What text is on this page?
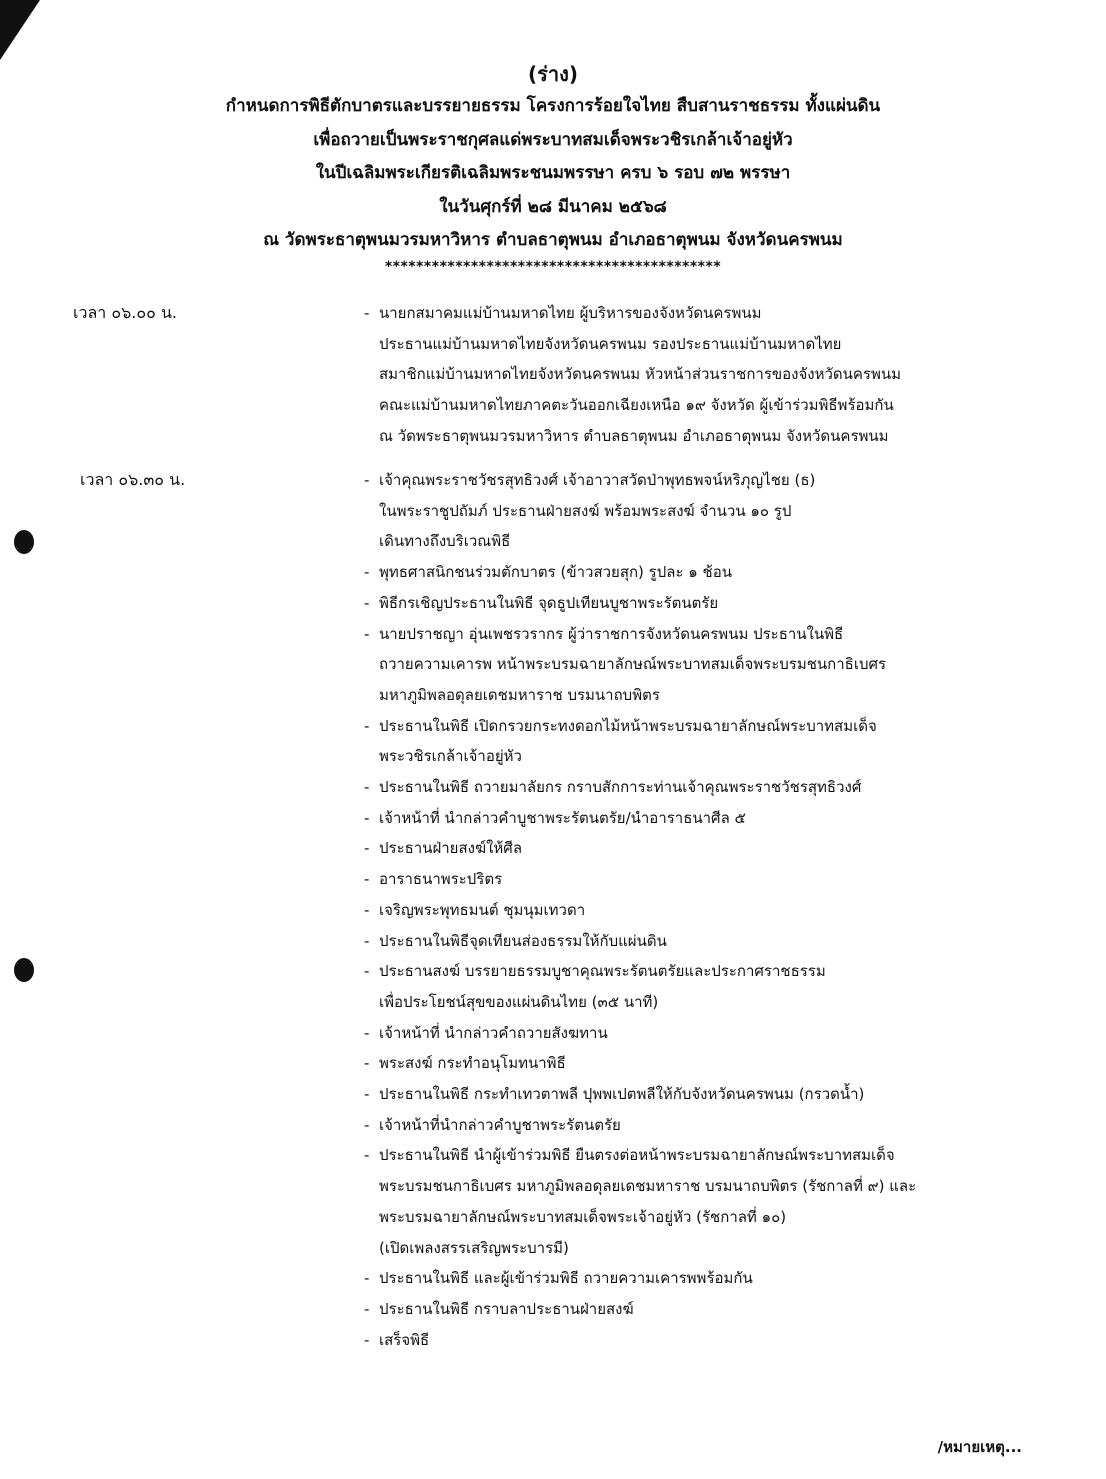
(ร่าง)
กำหนดการพิธีตักบาตรและบรรยายธรรม โครงการร้อยใจไทย สืบสานราชธรรม ทั้งแผ่นดิน
เพื่อถวายเป็นพระราชกุศลแด่พระบาทสมเด็จพระวชิรเกล้าเจ้าอยู่หัว
ในปีเฉลิมพระเกียรติเฉลิมพระชนมพรรษา ครบ ๖ รอบ ๗๒ พรรษา
ในวันศุกร์ที่ ๒๘ มีนาคม ๒๕๖๘
ณ วัดพระธาตุพนมวรมหาวิหาร ตำบลธาตุพนม อำเภอธาตุพนม จังหวัดนครพนม
*******************************************
เวลา ๐๖.๐๐ น.	- นายกสมาคมแม่บ้านมหาดไทย ผู้บริหารของจังหวัดนครพนม
ประธานแม่บ้านมหาดไทยจังหวัดนครพนม รองประธานแม่บ้านมหาดไทย
สมาชิกแม่บ้านมหาดไทยจังหวัดนครพนม หัวหน้าส่วนราชการของจังหวัดนครพนม
คณะแม่บ้านมหาดไทยภาคตะวันออกเฉียงเหนือ ๑๙ จังหวัด ผู้เข้าร่วมพิธีพร้อมกัน
ณ วัดพระธาตุพนมวรมหาวิหาร ตำบลธาตุพนม อำเภอธาตุพนม จังหวัดนครพนม
เวลา ๐๖.๓๐ น.	- เจ้าคุณพระราชวัชรสุทธิวงศ์ เจ้าอาวาสวัดป่าพุทธพจน์หริภุญไชย (ธ)
ในพระราชูปถัมภ์ ประธานฝ่ายสงฆ์ พร้อมพระสงฆ์ จำนวน ๑๐ รูป
เดินทางถึงบริเวณพิธี
- พุทธศาสนิกชนร่วมตักบาตร (ข้าวสวยสุก) รูปละ ๑ ช้อน
- พิธีกรเชิญประธานในพิธี จุดธูปเทียนบูชาพระรัตนตรัย
- นายปราชญา อุ่นเพชรวรากร ผู้ว่าราชการจังหวัดนครพนม ประธานในพิธี
ถวายความเคารพ หน้าพระบรมฉายาลักษณ์พระบาทสมเด็จพระบรมชนกาธิเบศร
มหาภูมิพลอดุลยเดชมหาราช บรมนาถบพิตร
- ประธานในพิธี เปิดกรวยกระทงดอกไม้หน้าพระบรมฉายาลักษณ์พระบาทสมเด็จ
พระวชิรเกล้าเจ้าอยู่หัว
- ประธานในพิธี ถวายมาลัยกร กราบสักการะท่านเจ้าคุณพระราชวัชรสุทธิวงศ์
- เจ้าหน้าที่ นำกล่าวคำบูชาพระรัตนตรัย/นำอาราธนาศีล ๕
- ประธานฝ่ายสงฆ์ให้ศีล
- อาราธนาพระปริตร
- เจริญพระพุทธมนต์ ชุมนุมเทวดา
- ประธานในพิธีจุดเทียนส่องธรรมให้กับแผ่นดิน
- ประธานสงฆ์ บรรยายธรรมบูชาคุณพระรัตนตรัยและประกาศราชธรรม
เพื่อประโยชน์สุขของแผ่นดินไทย (๓๕ นาที)
- เจ้าหน้าที่ นำกล่าวคำถวายสังฆทาน
- พระสงฆ์ กระทำอนุโมทนาพิธี
- ประธานในพิธี กระทำเทวตาพลี ปุพพเปตพลีให้กับจังหวัดนครพนม (กรวดน้ำ)
- เจ้าหน้าที่นำกล่าวคำบูชาพระรัตนตรัย
- ประธานในพิธี นำผู้เข้าร่วมพิธี ยืนตรงต่อหน้าพระบรมฉายาลักษณ์พระบาทสมเด็จ
พระบรมชนกาธิเบศร มหาภูมิพลอดุลยเดชมหาราช บรมนาถบพิตร (รัชกาลที่ ๙) และ
พระบรมฉายาลักษณ์พระบาทสมเด็จพระเจ้าอยู่หัว (รัชกาลที่ ๑๐)
(เปิดเพลงสรรเสริญพระบารมี)
- ประธานในพิธี และผู้เข้าร่วมพิธี ถวายความเคารพพร้อมกัน
- ประธานในพิธี กราบลาประธานฝ่ายสงฆ์
- เสร็จพิธี
/หมายเหตุ...
